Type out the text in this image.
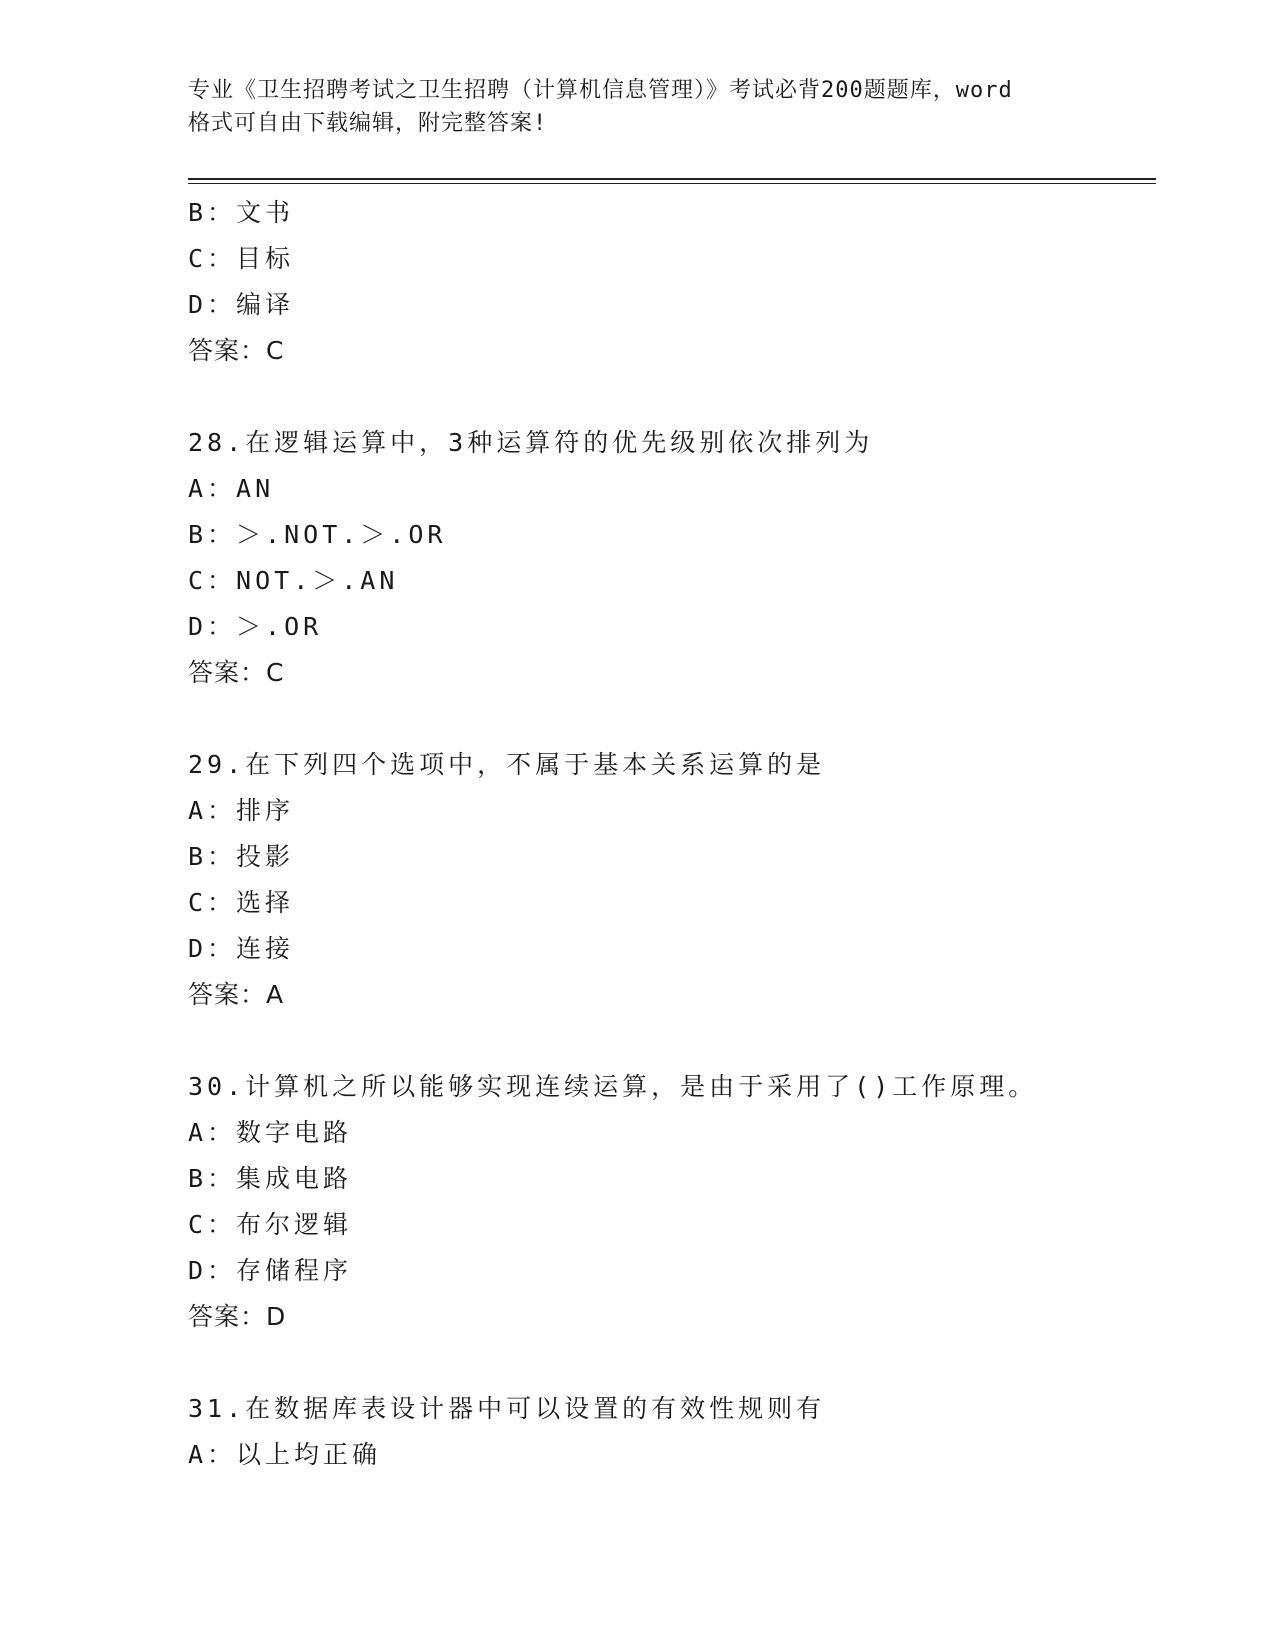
专业《卫生招聘考试之卫生招聘（计算机信息管理）》考试必背200题题库，word
格式可自由下载编辑，附完整答案!
B：文书
C：目标
D：编译
答案：C
28.在逻辑运算中，3种运算符的优先级别依次排列为
A：AN
B：＞.NOT.＞.OR
C：NOT.＞.AN
D：＞.OR
答案：C
29.在下列四个选项中，不属于基本关系运算的是
A：排序
B：投影
C：选择
D：连接
答案：A
30.计算机之所以能够实现连续运算，是由于采用了()工作原理。
A：数字电路
B：集成电路
C：布尔逻辑
D：存储程序
答案：D
31.在数据库表设计器中可以设置的有效性规则有
A：以上均正确
